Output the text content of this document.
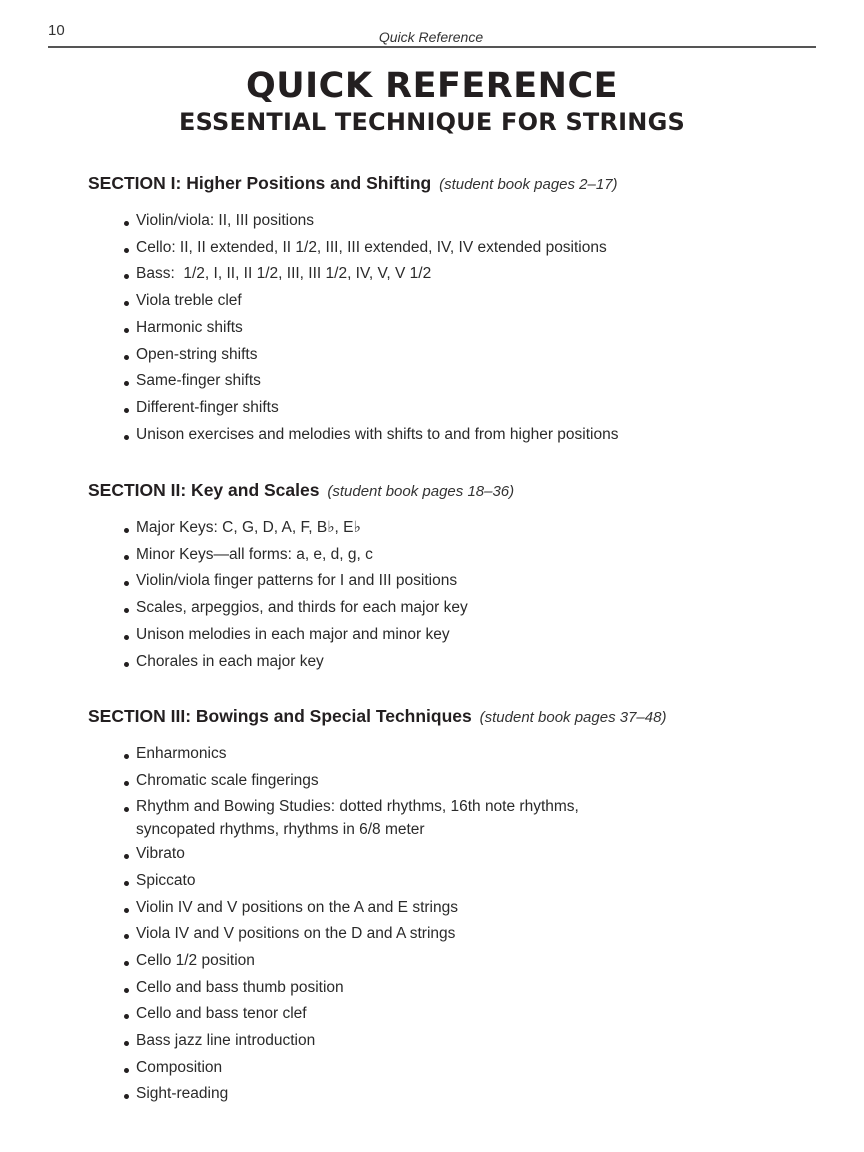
10	Quick Reference
QUICK REFERENCE
ESSENTIAL TECHNIQUE FOR STRINGS

SECTION I: Higher Positions and Shifting (student book pages 2–17)

Violin/viola: II, III positions
Cello: II, II extended, II 1/2, III, III extended, IV, IV extended positions
Bass:  1/2, I, II, II 1/2, III, III 1/2, IV, V, V 1/2
Viola treble clef
Harmonic shifts
Open-string shifts
Same-finger shifts
Different-finger shifts
Unison exercises and melodies with shifts to and from higher positions

SECTION II: Key and Scales (student book pages 18–36)

Major Keys: C, G, D, A, F, B♭, E♭
Minor Keys—all forms: a, e, d, g, c
Violin/viola finger patterns for I and III positions
Scales, arpeggios, and thirds for each major key
Unison melodies in each major and minor key
Chorales in each major key

SECTION III: Bowings and Special Techniques (student book pages 37–48)

Enharmonics
Chromatic scale fingerings
Rhythm and Bowing Studies: dotted rhythms, 16th note rhythms,
syncopated rhythms, rhythms in 6/8 meter
Vibrato
Spiccato
Violin IV and V positions on the A and E strings
Viola IV and V positions on the D and A strings
Cello 1/2 position
Cello and bass thumb position
Cello and bass tenor clef
Bass jazz line introduction
Composition
Sight-reading
